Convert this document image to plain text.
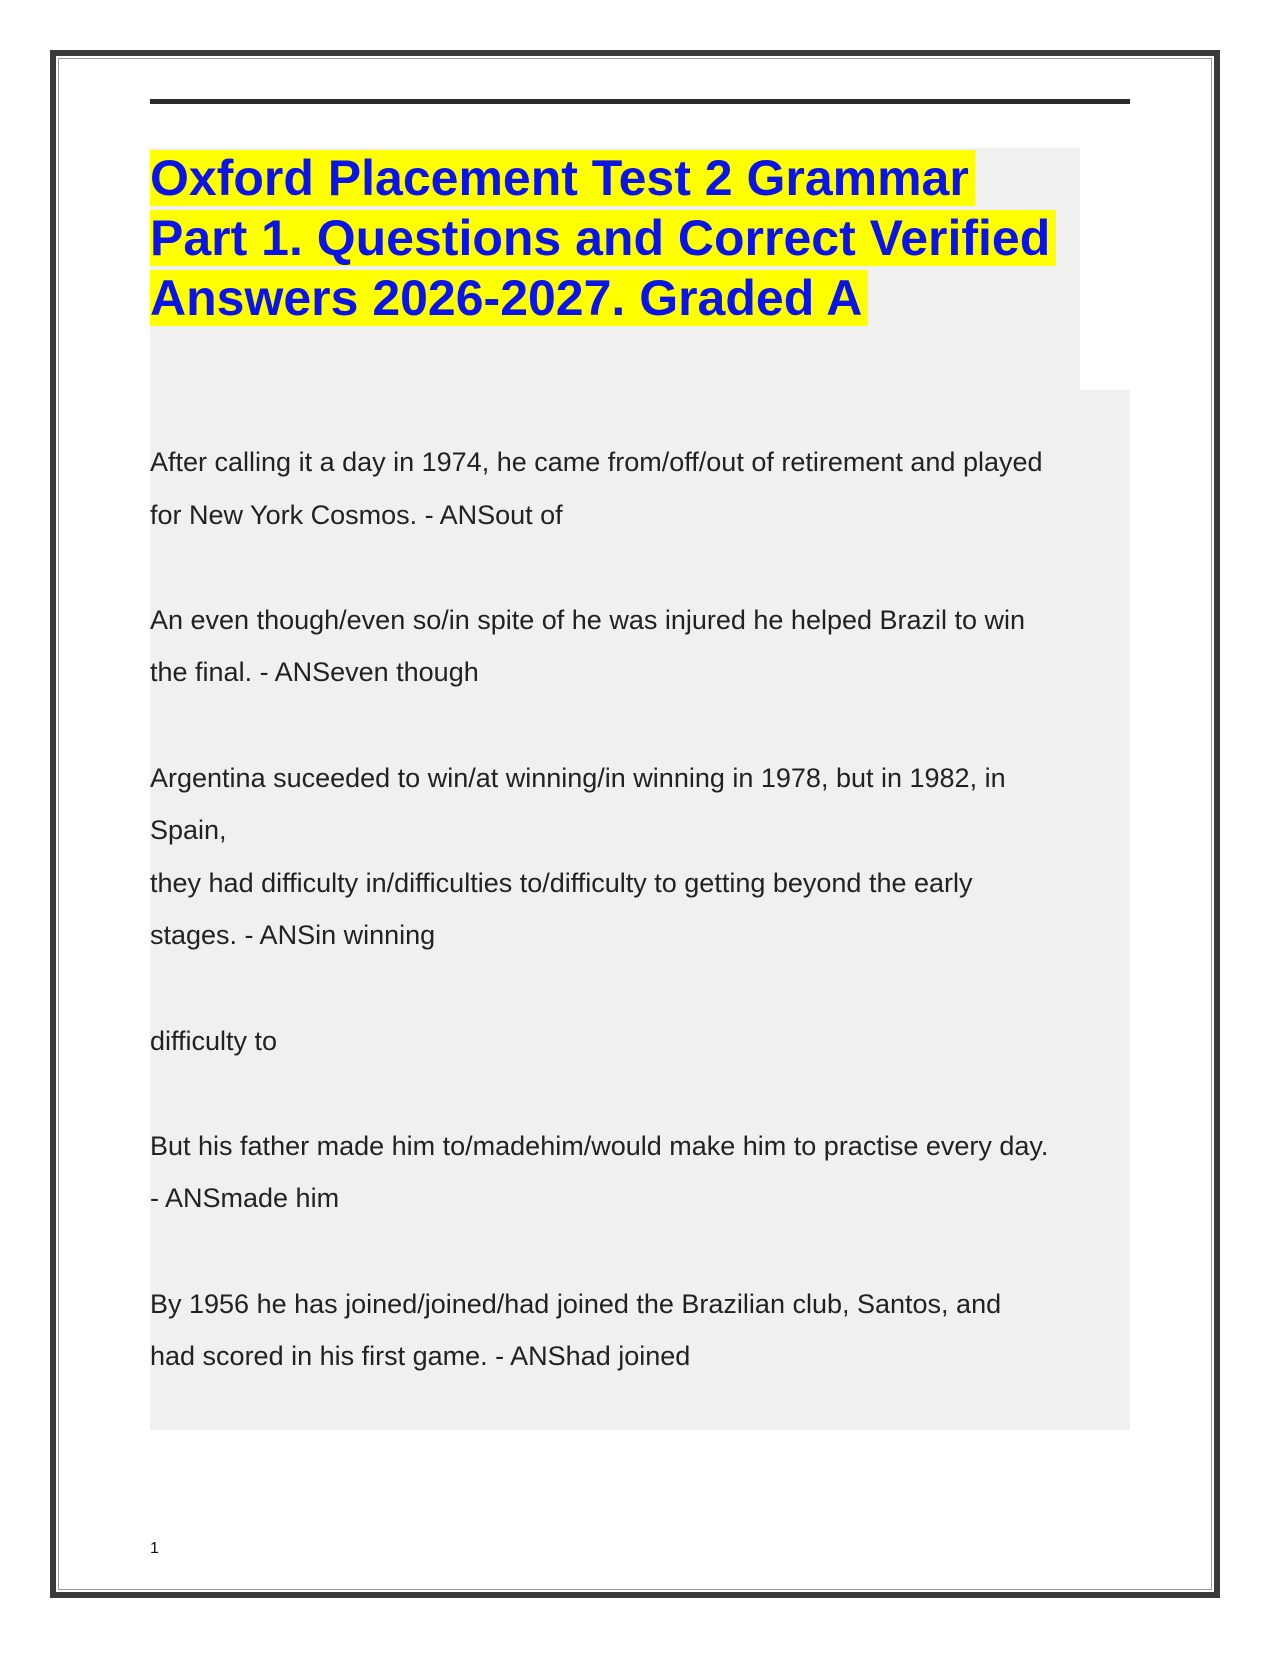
Oxford Placement Test 2 Grammar
Part 1. Questions and Correct Verified
Answers 2026-2027. Graded A

After calling it a day in 1974, he came from/off/out of retirement and played

for New York Cosmos. - ANSout of

An even though/even so/in spite of he was injured he helped Brazil to win

the final. - ANSeven though

Argentina suceeded to win/at winning/in winning in 1978, but in 1982, in

Spain,

they had difficulty in/difficulties to/difficulty to getting beyond the early

stages. - ANSin winning

difficulty to

But his father made him to/madehim/would make him to practise every day.

- ANSmade him

By 1956 he has joined/joined/had joined the Brazilian club, Santos, and

had scored in his first game. - ANShad joined

1
